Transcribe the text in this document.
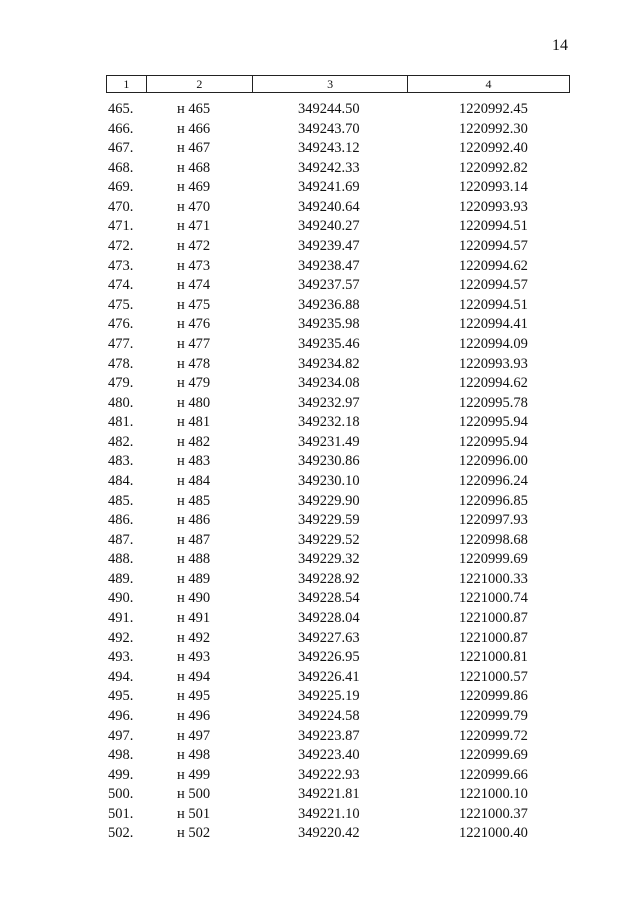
14
1	2	3	4
465.	н 465	349244.50	1220992.45
466.	н 466	349243.70	1220992.30
467.	н 467	349243.12	1220992.40
468.	н 468	349242.33	1220992.82
469.	н 469	349241.69	1220993.14
470.	н 470	349240.64	1220993.93
471.	н 471	349240.27	1220994.51
472.	н 472	349239.47	1220994.57
473.	н 473	349238.47	1220994.62
474.	н 474	349237.57	1220994.57
475.	н 475	349236.88	1220994.51
476.	н 476	349235.98	1220994.41
477.	н 477	349235.46	1220994.09
478.	н 478	349234.82	1220993.93
479.	н 479	349234.08	1220994.62
480.	н 480	349232.97	1220995.78
481.	н 481	349232.18	1220995.94
482.	н 482	349231.49	1220995.94
483.	н 483	349230.86	1220996.00
484.	н 484	349230.10	1220996.24
485.	н 485	349229.90	1220996.85
486.	н 486	349229.59	1220997.93
487.	н 487	349229.52	1220998.68
488.	н 488	349229.32	1220999.69
489.	н 489	349228.92	1221000.33
490.	н 490	349228.54	1221000.74
491.	н 491	349228.04	1221000.87
492.	н 492	349227.63	1221000.87
493.	н 493	349226.95	1221000.81
494.	н 494	349226.41	1221000.57
495.	н 495	349225.19	1220999.86
496.	н 496	349224.58	1220999.79
497.	н 497	349223.87	1220999.72
498.	н 498	349223.40	1220999.69
499.	н 499	349222.93	1220999.66
500.	н 500	349221.81	1221000.10
501.	н 501	349221.10	1221000.37
502.	н 502	349220.42	1221000.40
